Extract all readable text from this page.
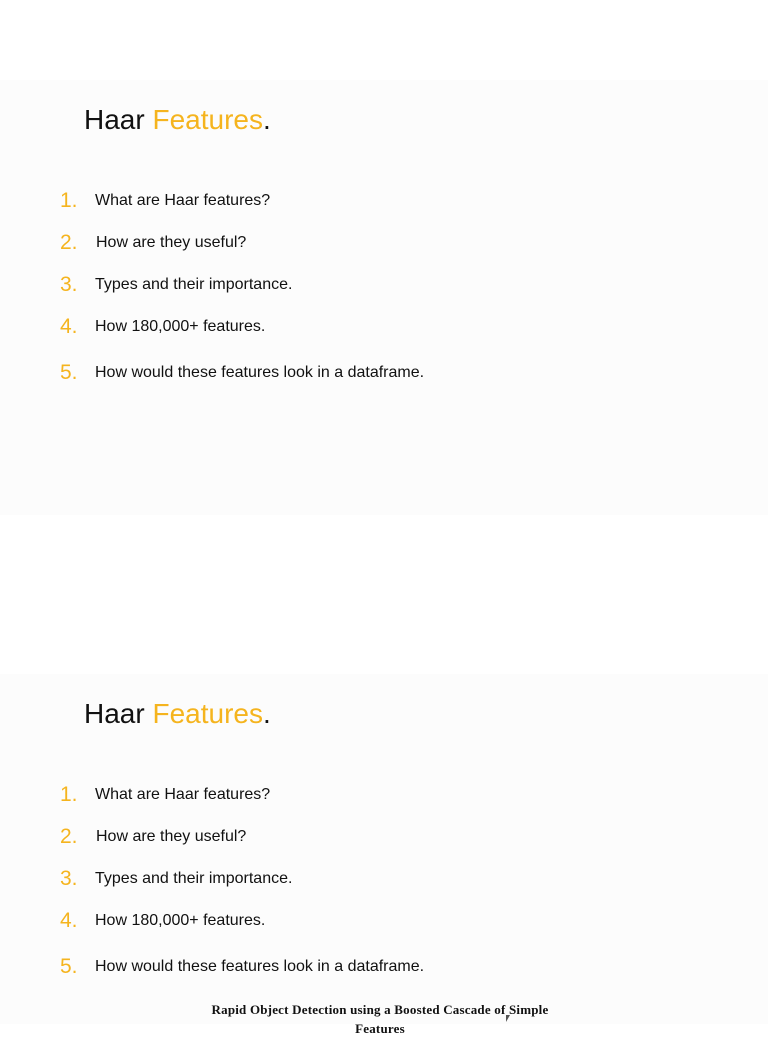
Haar Features.
1. What are Haar features?
2. How are they useful?
3. Types and their importance.
4. How 180,000+ features.
5. How would these features look in a dataframe.
Haar Features.
1. What are Haar features?
2. How are they useful?
3. Types and their importance.
4. How 180,000+ features.
5. How would these features look in a dataframe.
Rapid Object Detection using a Boosted Cascade of Simple
Features
